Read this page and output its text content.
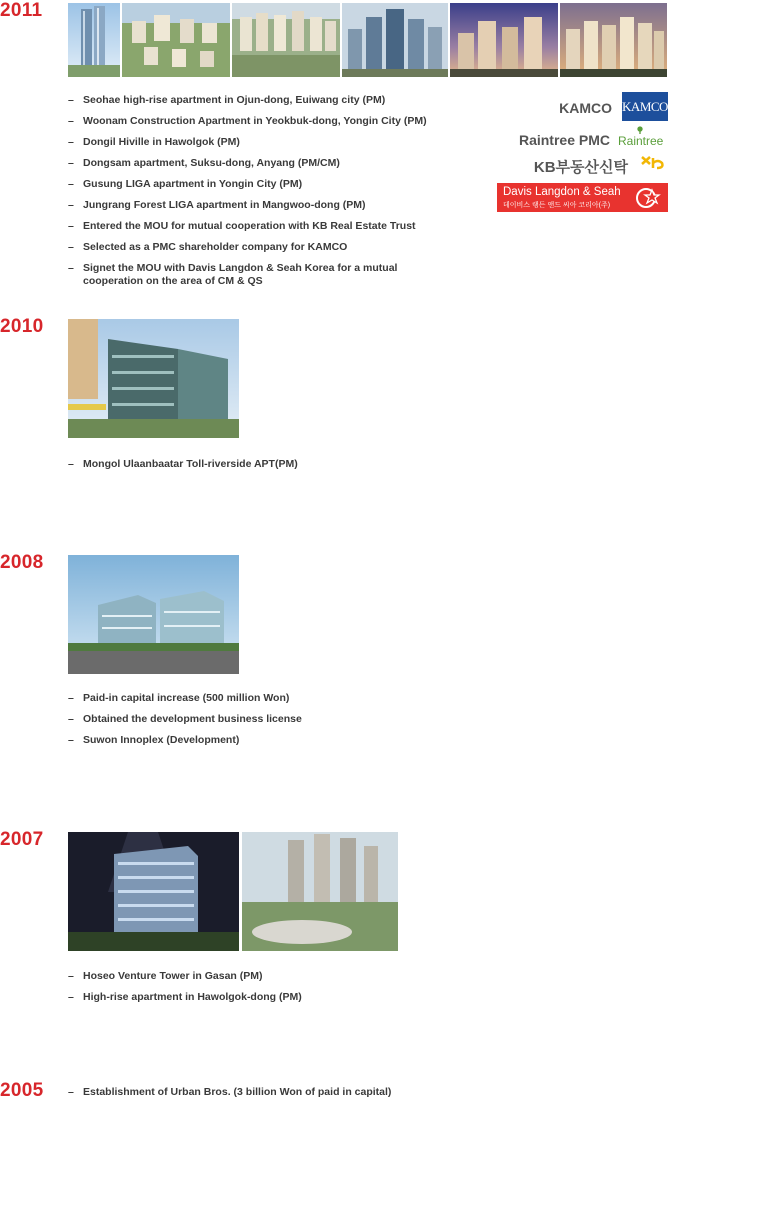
2011
– Seohae high-rise apartment in Ojun-dong, Euiwang city (PM)
– Woonam Construction Apartment in Yeokbuk-dong, Yongin City (PM)
– Dongil Hiville in Hawolgok (PM)
– Dongsam apartment, Suksu-dong, Anyang (PM/CM)
– Gusung LIGA apartment in Yongin City (PM)
– Jungrang Forest LIGA apartment in Mangwoo-dong (PM)
– Entered the MOU for mutual cooperation with KB Real Estate Trust
– Selected as a PMC shareholder company for KAMCO
– Signet the MOU with Davis Langdon & Seah Korea for a mutual cooperation on the area of CM & QS
KAMCO KAMCO
Raintree PMC Raintree
KB부동산신탁
Davis Langdon & Seah
데이비스 랭든 앤드 씨아 코리아(주)
2010
– Mongol Ulaanbaatar Toll-riverside APT(PM)
2008
– Paid-in capital increase (500 million Won)
– Obtained the development business license
– Suwon Innoplex (Development)
2007
– Hoseo Venture Tower in Gasan (PM)
– High-rise apartment in Hawolgok-dong (PM)
2005 – Establishment of Urban Bros. (3 billion Won of paid in capital)
